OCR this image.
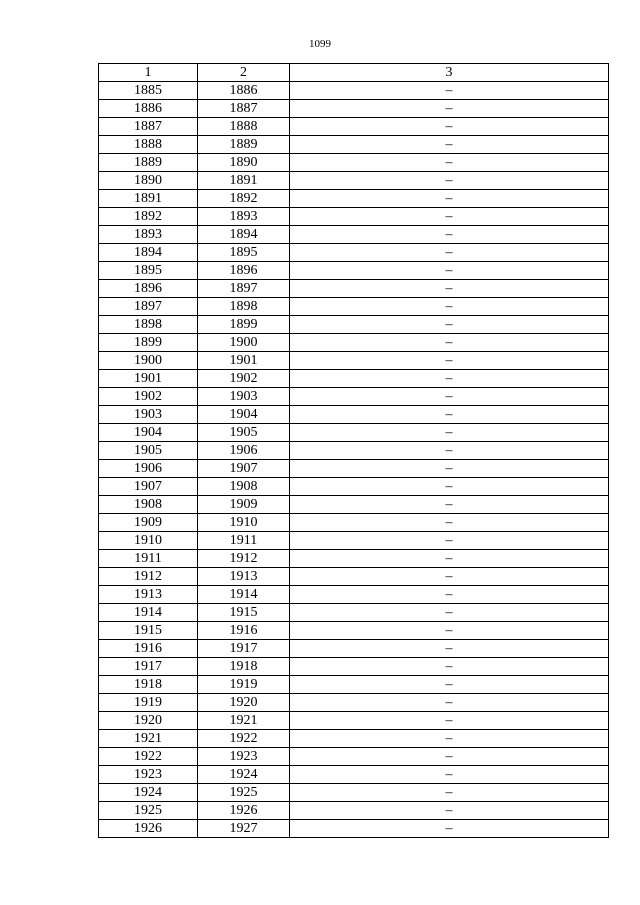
1099
1	2	3
1885	1886	–
1886	1887	–
1887	1888	–
1888	1889	–
1889	1890	–
1890	1891	–
1891	1892	–
1892	1893	–
1893	1894	–
1894	1895	–
1895	1896	–
1896	1897	–
1897	1898	–
1898	1899	–
1899	1900	–
1900	1901	–
1901	1902	–
1902	1903	–
1903	1904	–
1904	1905	–
1905	1906	–
1906	1907	–
1907	1908	–
1908	1909	–
1909	1910	–
1910	1911	–
1911	1912	–
1912	1913	–
1913	1914	–
1914	1915	–
1915	1916	–
1916	1917	–
1917	1918	–
1918	1919	–
1919	1920	–
1920	1921	–
1921	1922	–
1922	1923	–
1923	1924	–
1924	1925	–
1925	1926	–
1926	1927	–
